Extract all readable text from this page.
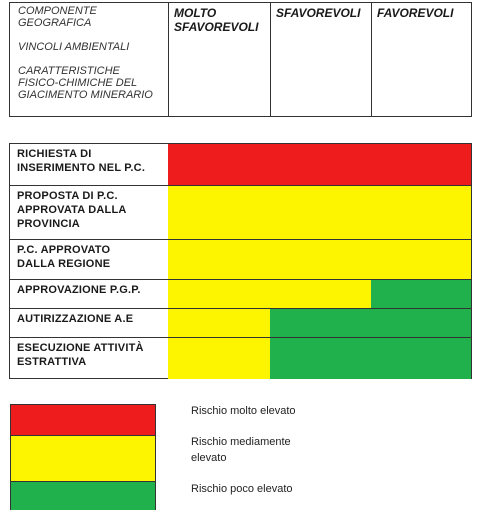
COMPONENTE
GEOGRAFICA
VINCOLI AMBIENTALI
CARATTERISTICHE
FISICO-CHIMICHE DEL
GIACIMENTO MINERARIO
MOLTO
SFAVOREVOLI
SFAVOREVOLI FAVOREVOLI
RICHIESTA DI
INSERIMENTO NEL P.C.
PROPOSTA DI P.C.
APPROVATA DALLA
PROVINCIA
P.C. APPROVATO
DALLA REGIONE
APPROVAZIONE P.G.P.
AUTIRIZZAZIONE A.E
ESECUZIONE ATTIVITÀ
ESTRATTIVA
Rischio molto elevato
Rischio mediamente
elevato
Rischio poco elevato
